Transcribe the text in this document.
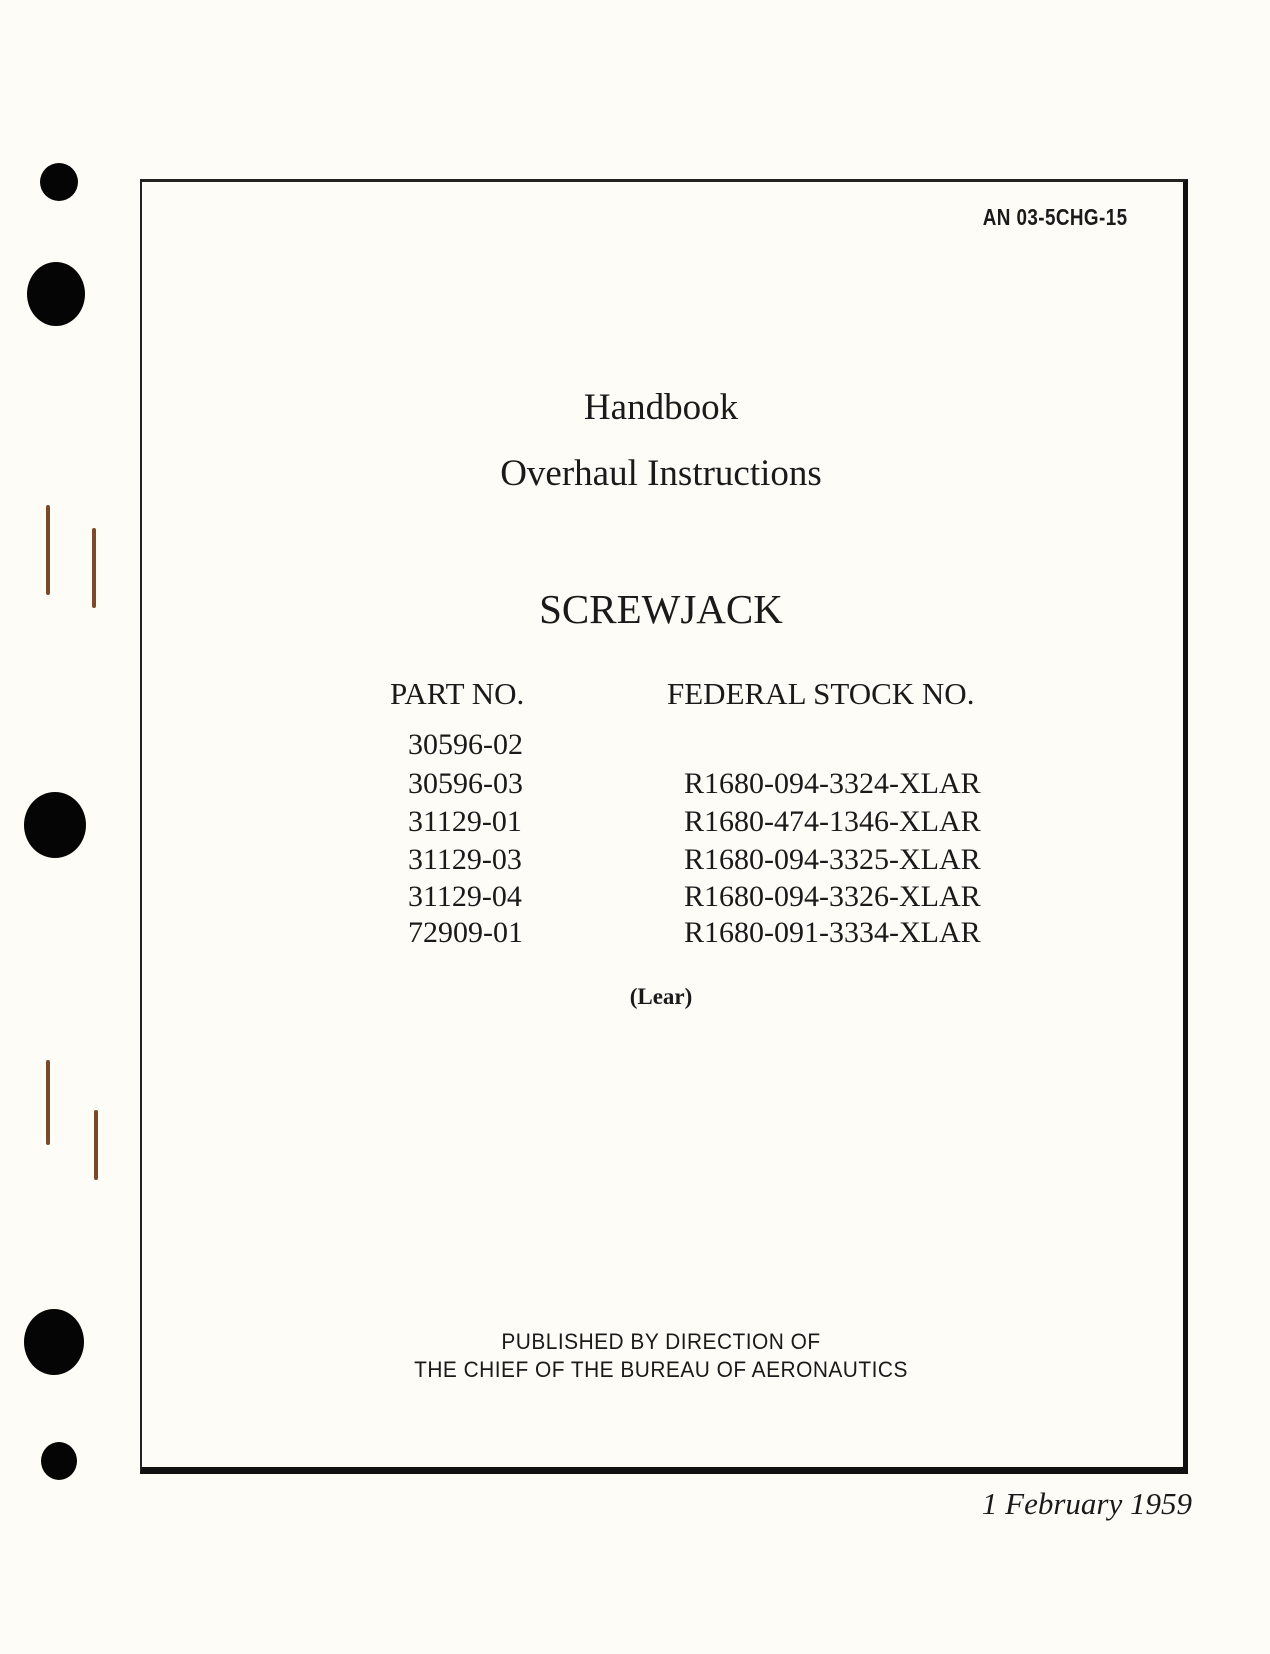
AN 03-5CHG-15
Handbook
Overhaul Instructions
SCREWJACK
PART NO.	FEDERAL STOCK NO.
30596-02
30596-03	R1680-094-3324-XLAR
31129-01	R1680-474-1346-XLAR
31129-03	R1680-094-3325-XLAR
31129-04	R1680-094-3326-XLAR
72909-01	R1680-091-3334-XLAR
(Lear)
PUBLISHED BY DIRECTION OF
THE CHIEF OF THE BUREAU OF AERONAUTICS
1 February 1959
